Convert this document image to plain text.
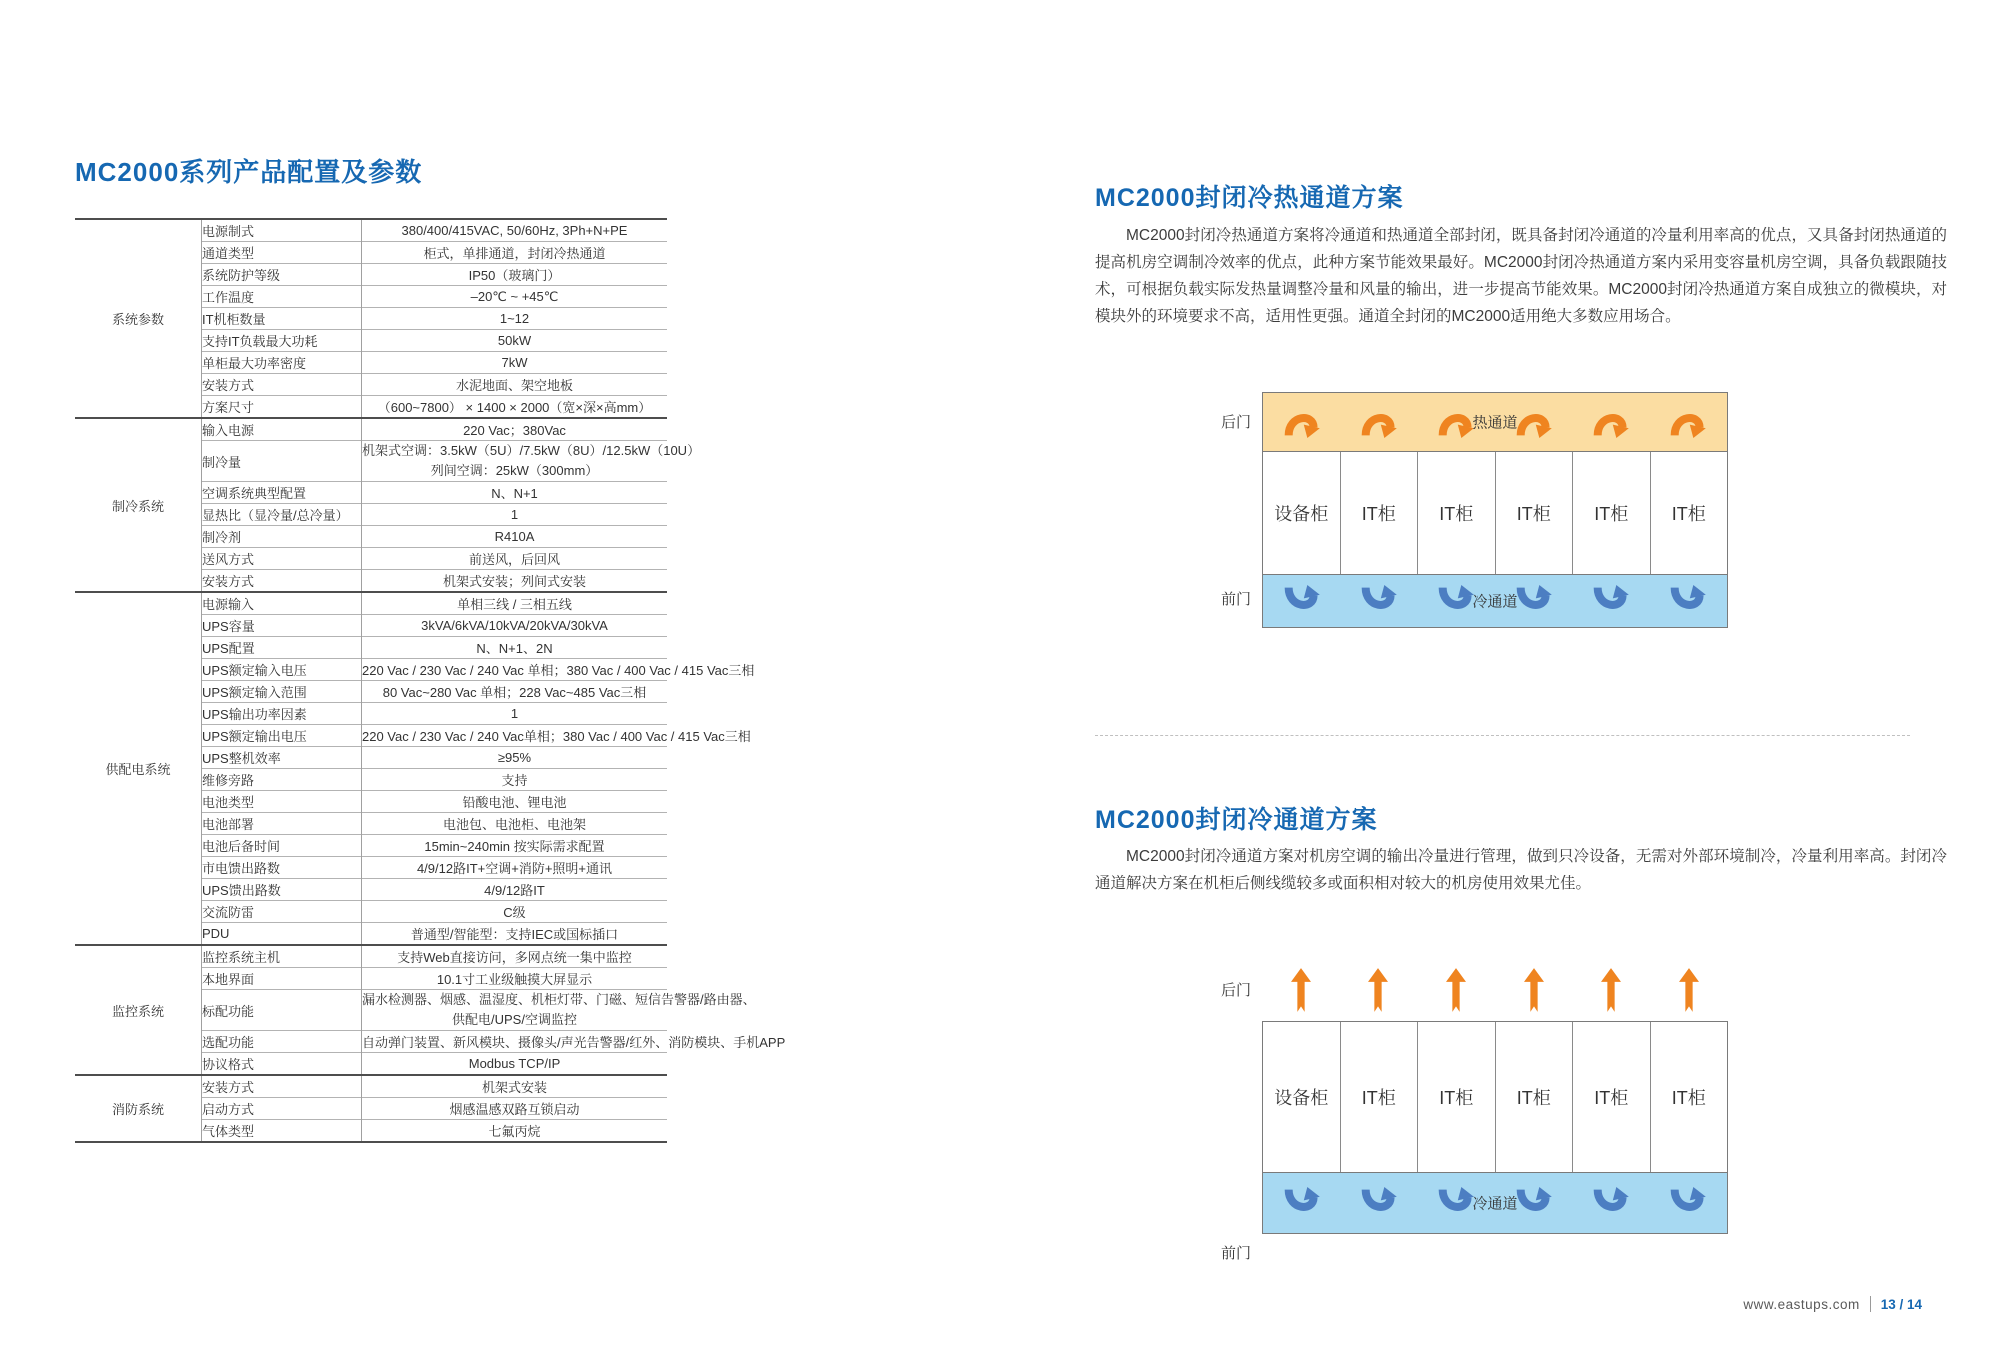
MC2000系列产品配置及参数
系统参数	电源制式	380/400/415VAC, 50/60Hz, 3Ph+N+PE
	通道类型	柜式，单排通道，封闭冷热通道
	系统防护等级	IP50（玻璃门）
	工作温度	–20℃ ~ +45℃
	IT机柜数量	1~12
	支持IT负载最大功耗	50kW
	单柜最大功率密度	7kW
	安装方式	水泥地面、架空地板
	方案尺寸	（600~7800） × 1400 × 2000（宽×深×高mm）
制冷系统	输入电源	220 Vac；380Vac
	制冷量	机架式空调：3.5kW（5U）/7.5kW（8U）/12.5kW（10U）
列间空调：25kW（300mm）

	空调系统典型配置	N、N+1
	显热比（显冷量/总冷量）	1
	制冷剂	R410A
	送风方式	前送风，后回风
	安装方式	机架式安装；列间式安装
供配电系统	电源输入	单相三线 / 三相五线
	UPS容量	3kVA/6kVA/10kVA/20kVA/30kVA
	UPS配置	N、N+1、2N
	UPS额定输入电压	220 Vac / 230 Vac / 240 Vac 单相；380 Vac / 400 Vac / 415 Vac三相
	UPS额定输入范围	80 Vac~280 Vac 单相；228 Vac~485 Vac三相
	UPS输出功率因素	1
	UPS额定输出电压	220 Vac / 230 Vac / 240 Vac单相；380 Vac / 400 Vac / 415 Vac三相
	UPS整机效率	≥95%
	维修旁路	支持
	电池类型	铅酸电池、锂电池
	电池部署	电池包、电池柜、电池架
	电池后备时间	15min~240min 按实际需求配置
	市电馈出路数	4/9/12路IT+空调+消防+照明+通讯
	UPS馈出路数	4/9/12路IT
	交流防雷	C级
	PDU	普通型/智能型：支持IEC或国标插口
监控系统	监控系统主机	支持Web直接访问，多网点统一集中监控
	本地界面	10.1寸工业级触摸大屏显示
	标配功能	漏水检测器、烟感、温湿度、机柜灯带、门磁、短信告警器/路由器、
供配电/UPS/空调监控

	选配功能	自动弹门装置、新风模块、摄像头/声光告警器/红外、消防模块、手机APP
	协议格式	Modbus TCP/IP
消防系统	安装方式	机架式安装
	启动方式	烟感温感双路互锁启动
	气体类型	七氟丙烷
MC2000封闭冷热通道方案
MC2000封闭冷热通道方案将冷通道和热通道全部封闭，既具备封闭冷通道的冷量利用率高的优点，又具备封闭热通道的提高机房空调制冷效率的优点，此种方案节能效果最好。MC2000封闭冷热通道方案内采用变容量机房空调，具备负载跟随技术，可根据负载实际发热量调整冷量和风量的输出，进一步提高节能效果。MC2000封闭冷热通道方案自成独立的微模块，对模块外的环境要求不高，适用性更强。通道全封闭的MC2000适用绝大多数应用场合。
后门
前门
热通道
设备柜	IT柜	IT柜	IT柜	IT柜	IT柜
冷通道
MC2000封闭冷通道方案
MC2000封闭冷通道方案对机房空调的输出冷量进行管理，做到只冷设备，无需对外部环境制冷，冷量利用率高。封闭冷通道解决方案在机柜后侧线缆较多或面积相对较大的机房使用效果尤佳。
后门
前门
设备柜	IT柜	IT柜	IT柜	IT柜	IT柜
冷通道
www.eastups.com 13 / 14
